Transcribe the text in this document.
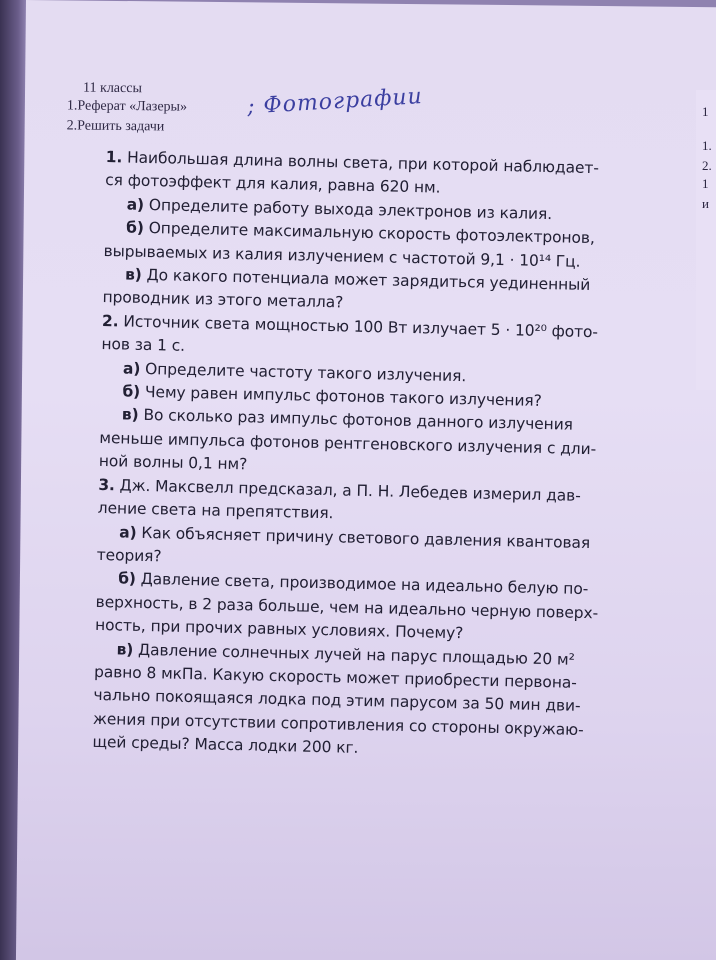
11 классы
1.Реферат «Лазеры»
2.Решить задачи
; Фотографии	1
1.
2.
1
и
1. Наибольшая длина волны света, при которой наблюдает-
ся фотоэффект для калия, равна 620 нм.
а) Определите работу выхода электронов из калия.
б) Определите максимальную скорость фотоэлектронов,
вырываемых из калия излучением с частотой 9,1 · 10¹⁴ Гц.
в) До какого потенциала может зарядиться уединенный
проводник из этого металла?
2. Источник света мощностью 100 Вт излучает 5 · 10²⁰ фото-
нов за 1 с.
а) Определите частоту такого излучения.
б) Чему равен импульс фотонов такого излучения?
в) Во сколько раз импульс фотонов данного излучения
меньше импульса фотонов рентгеновского излучения с дли-
ной волны 0,1 нм?
3. Дж. Максвелл предсказал, а П. Н. Лебедев измерил дав-
ление света на препятствия.
а) Как объясняет причину светового давления квантовая
теория?
б) Давление света, производимое на идеально белую по-
верхность, в 2 раза больше, чем на идеально черную поверх-
ность, при прочих равных условиях. Почему?
в) Давление солнечных лучей на парус площадью 20 м²
равно 8 мкПа. Какую скорость может приобрести первона-
чально покоящаяся лодка под этим парусом за 50 мин дви-
жения при отсутствии сопротивления со стороны окружаю-
щей среды? Масса лодки 200 кг.
